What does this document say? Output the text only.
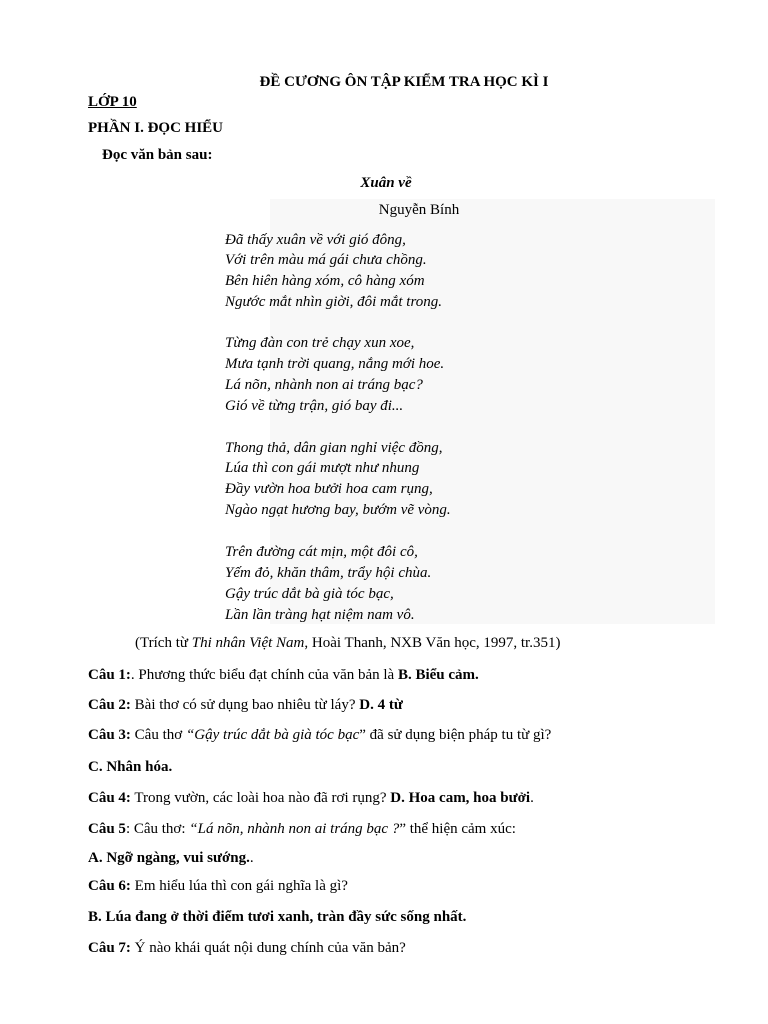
ĐỀ CƯƠNG ÔN TẬP KIỂM TRA HỌC KÌ I
LỚP 10
PHẦN I. ĐỌC HIỂU
Đọc văn bản sau:
Xuân về
Nguyễn Bính
Đã thấy xuân về với gió đông,
Với trên màu má gái chưa chồng.
Bên hiên hàng xóm, cô hàng xóm
Ngước mắt nhìn giời, đôi mắt trong.
Từng đàn con trẻ chạy xun xoe,
Mưa tạnh trời quang, nắng mới hoe.
Lá nõn, nhành non ai tráng bạc?
Gió về từng trận, gió bay đi...
Thong thả, dân gian nghỉ việc đồng,
Lúa thì con gái mượt như nhung
Đầy vườn hoa bưởi hoa cam rụng,
Ngào ngạt hương bay, bướm vẽ vòng.
Trên đường cát mịn, một đôi cô,
Yếm đỏ, khăn thâm, trẩy hội chùa.
Gậy trúc dắt bà già tóc bạc,
Lần lần tràng hạt niệm nam vô.
(Trích từ Thi nhân Việt Nam, Hoài Thanh, NXB Văn học, 1997, tr.351)
Câu 1:. Phương thức biểu đạt chính của văn bản là B. Biểu cảm.
Câu 2: Bài thơ có sử dụng bao nhiêu từ láy? D. 4 từ
Câu 3: Câu thơ “Gậy trúc dắt bà già tóc bạc” đã sử dụng biện pháp tu từ gì?
C. Nhân hóa.
Câu 4: Trong vườn, các loài hoa nào đã rơi rụng? D. Hoa cam, hoa bưởi.
Câu 5: Câu thơ: “Lá nõn, nhành non ai tráng bạc ?” thể hiện cảm xúc:
A. Ngỡ ngàng, vui sướng..
Câu 6: Em hiểu lúa thì con gái nghĩa là gì?
B. Lúa đang ở thời điểm tươi xanh, tràn đầy sức sống nhất.
Câu 7: Ý nào khái quát nội dung chính của văn bản?
